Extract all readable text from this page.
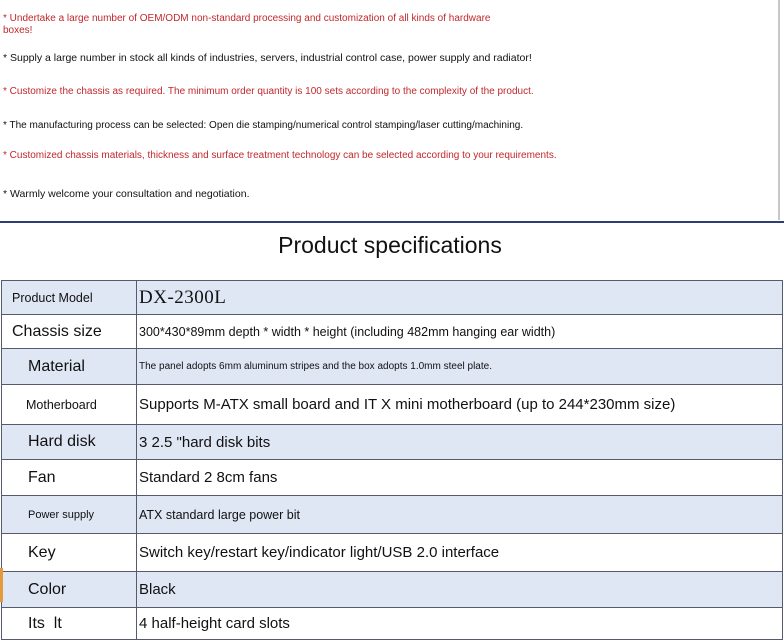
* Undertake a large number of OEM/ODM non-standard processing and customization of all kinds of hardware boxes!
* Supply a large number in stock all kinds of industries, servers, industrial control case, power supply and radiator!
* Customize the chassis as required. The minimum order quantity is 100 sets according to the complexity of the product.
* The manufacturing process can be selected: Open die stamping/numerical control stamping/laser cutting/machining.
* Customized chassis materials, thickness and surface treatment technology can be selected according to your requirements.
* Warmly welcome your consultation and negotiation.
Product specifications
Product Model	DX-2300L
Chassis size	300*430*89mm depth * width * height (including 482mm hanging ear width)
Material	The panel adopts 6mm aluminum stripes and the box adopts 1.0mm steel plate.
Motherboard	Supports M-ATX small board and IT X mini motherboard (up to 244*230mm size)
Hard disk	3 2.5 "hard disk bits
Fan	Standard 2 8cm fans
Power supply	ATX standard large power bit
Key	Switch key/restart key/indicator light/USB 2.0 interface
Color	Black
Its  lt	4 half-height card slots
